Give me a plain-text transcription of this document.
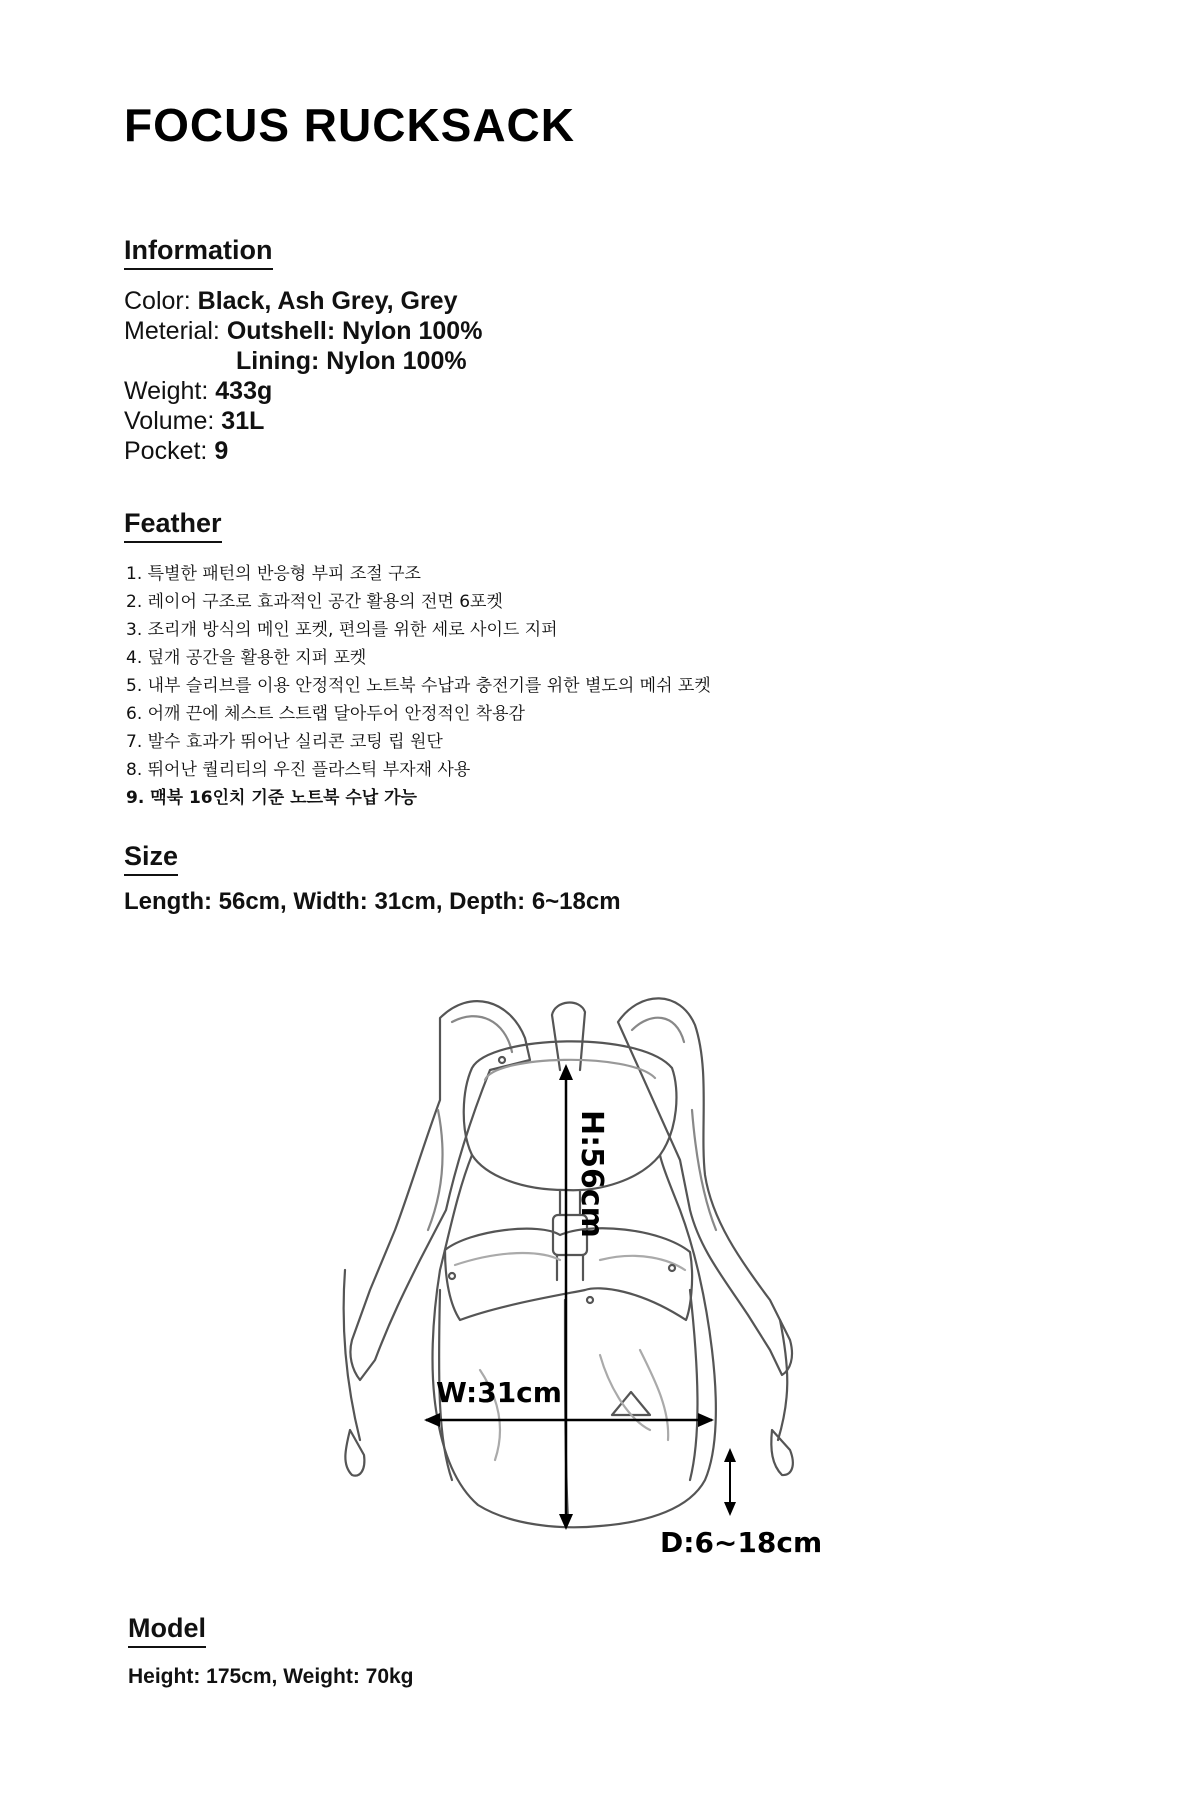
FOCUS RUCKSACK
Information
Color: Black, Ash Grey, Grey
Meterial: Outshell: Nylon 100%
Lining: Nylon 100%
Weight: 433g
Volume: 31L
Pocket: 9
Feather
1. 특별한 패턴의 반응형 부피 조절 구조
2. 레이어 구조로 효과적인 공간 활용의 전면 6포켓
3. 조리개 방식의 메인 포켓, 편의를 위한 세로 사이드 지퍼
4. 덮개 공간을 활용한 지퍼 포켓
5. 내부 슬리브를 이용 안정적인 노트북 수납과 충전기를 위한 별도의 메쉬 포켓
6. 어깨 끈에 체스트 스트랩 달아두어 안정적인 착용감
7. 발수 효과가 뛰어난 실리콘 코팅 립 원단
8. 뛰어난 퀄리티의 우진 플라스틱 부자재 사용
9. 맥북 16인치 기준 노트북 수납 가능
Size
Length: 56cm, Width: 31cm, Depth: 6~18cm
H:56cm
W:31cm
D:6~18cm
Model
Height: 175cm, Weight: 70kg
